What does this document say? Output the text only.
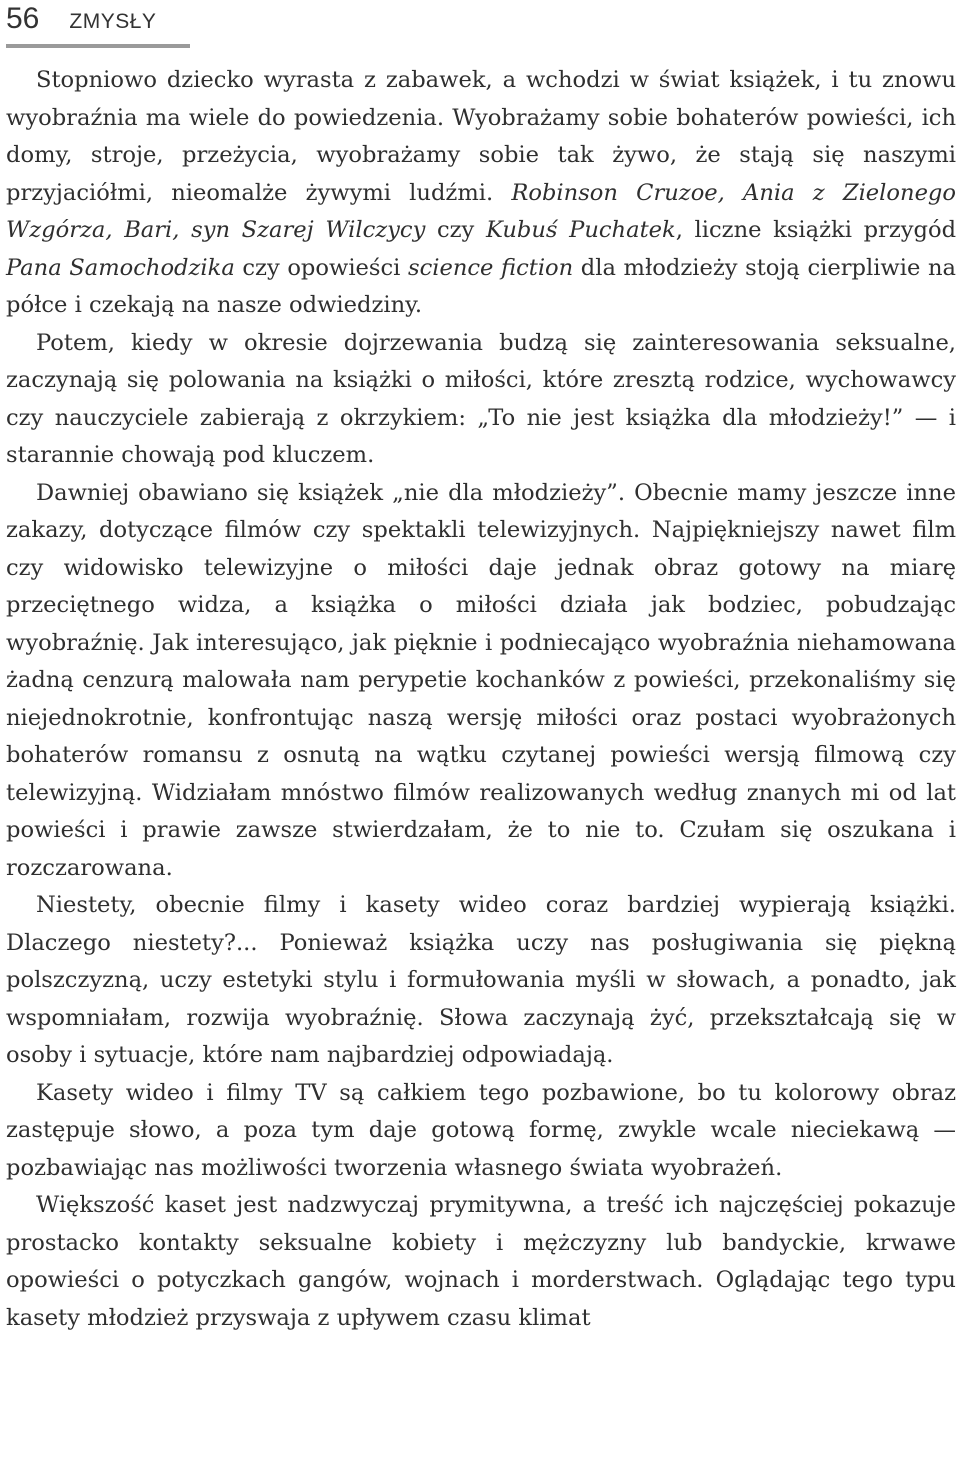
56 ZMYSŁY

Stopniowo dziecko wyrasta z zabawek, a wchodzi w świat książek, i tu znowu wyobraźnia ma wiele do powiedzenia. Wyobrażamy sobie bohaterów powieści, ich domy, stroje, przeżycia, wyobrażamy sobie tak żywo, że stają się naszymi przyjaciółmi, nieomalże żywymi ludźmi. Robinson Cruzoe, Ania z Zielonego Wzgórza, Bari, syn Szarej Wilczycy czy Kubuś Puchatek, liczne książki przygód Pana Samochodzika czy opowieści science fiction dla młodzieży stoją cierpliwie na półce i czekają na nasze odwiedziny.

Potem, kiedy w okresie dojrzewania budzą się zainteresowania seksualne, zaczynają się polowania na książki o miłości, które zresztą rodzice, wychowawcy czy nauczyciele zabierają z okrzykiem: „To nie jest książka dla młodzieży!” — i starannie chowają pod kluczem.

Dawniej obawiano się książek „nie dla młodzieży”. Obecnie mamy jeszcze inne zakazy, dotyczące filmów czy spektakli telewizyjnych. Najpiękniejszy nawet film czy widowisko telewizyjne o miłości daje jednak obraz gotowy na miarę przeciętnego widza, a książka o miłości działa jak bodziec, pobudzając wyobraźnię. Jak interesująco, jak pięknie i podniecająco wyobraźnia niehamowana żadną cenzurą malowała nam perypetie kochanków z powieści, przekonaliśmy się niejednokrotnie, konfrontując naszą wersję miłości oraz postaci wyobrażonych bohaterów romansu z osnutą na wątku czytanej powieści wersją filmową czy telewizyjną. Widziałam mnóstwo filmów realizowanych według znanych mi od lat powieści i prawie zawsze stwierdzałam, że to nie to. Czułam się oszukana i rozczarowana.

Niestety, obecnie filmy i kasety wideo coraz bardziej wypierają książki. Dlaczego niestety?... Ponieważ książka uczy nas posługiwania się piękną polszczyzną, uczy estetyki stylu i formułowania myśli w słowach, a ponadto, jak wspomniałam, rozwija wyobraźnię. Słowa zaczynają żyć, przekształcają się w osoby i sytuacje, które nam najbardziej odpowiadają.

Kasety wideo i filmy TV są całkiem tego pozbawione, bo tu kolorowy obraz zastępuje słowo, a poza tym daje gotową formę, zwykle wcale nieciekawą — pozbawiając nas możliwości tworzenia własnego świata wyobrażeń.

Większość kaset jest nadzwyczaj prymitywna, a treść ich najczęściej pokazuje prostacko kontakty seksualne kobiety i mężczyzny lub bandyckie, krwawe opowieści o potyczkach gangów, wojnach i morderstwach. Oglądając tego typu kasety młodzież przyswaja z upływem czasu klimat
